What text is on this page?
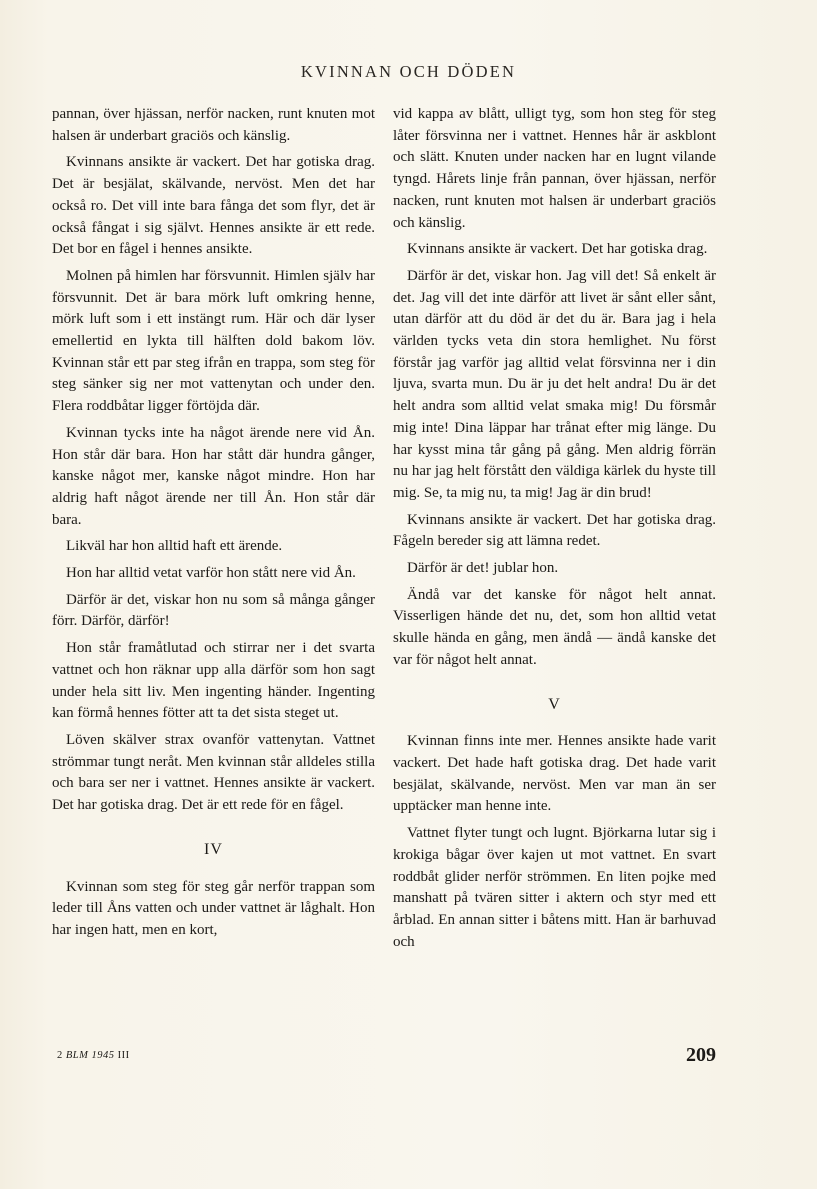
KVINNAN OCH DÖDEN

pannan, över hjässan, nerför nacken, runt knuten mot halsen är underbart graciös och känslig.

Kvinnans ansikte är vackert. Det har gotiska drag. Det är besjälat, skälvande, nervöst. Men det har också ro. Det vill inte bara fånga det som flyr, det är också fångat i sig självt. Hennes ansikte är ett rede. Det bor en fågel i hennes ansikte.

Molnen på himlen har försvunnit. Himlen själv har försvunnit. Det är bara mörk luft omkring henne, mörk luft som i ett instängt rum. Här och där lyser emellertid en lykta till hälften dold bakom löv. Kvinnan står ett par steg ifrån en trappa, som steg för steg sänker sig ner mot vattenytan och under den. Flera roddbåtar ligger förtöjda där.

Kvinnan tycks inte ha något ärende nere vid Ån. Hon står där bara. Hon har stått där hundra gånger, kanske något mer, kanske något mindre. Hon har aldrig haft något ärende ner till Ån. Hon står där bara.

Likväl har hon alltid haft ett ärende.

Hon har alltid vetat varför hon stått nere vid Ån.

Därför är det, viskar hon nu som så många gånger förr. Därför, därför!

Hon står framåtlutad och stirrar ner i det svarta vattnet och hon räknar upp alla därför som hon sagt under hela sitt liv. Men ingenting händer. Ingenting kan förmå hennes fötter att ta det sista steget ut.

Löven skälver strax ovanför vattenytan. Vattnet strömmar tungt neråt. Men kvinnan står alldeles stilla och bara ser ner i vattnet. Hennes ansikte är vackert. Det har gotiska drag. Det är ett rede för en fågel.

IV

Kvinnan som steg för steg går nerför trappan som leder till Åns vatten och under vattnet är låghalt. Hon har ingen hatt, men en kort,

vid kappa av blått, ulligt tyg, som hon steg för steg låter försvinna ner i vattnet. Hennes hår är askblont och slätt. Knuten under nacken har en lugnt vilande tyngd. Hårets linje från pannan, över hjässan, nerför nacken, runt knuten mot halsen är underbart graciös och känslig.

Kvinnans ansikte är vackert. Det har gotiska drag.

Därför är det, viskar hon. Jag vill det! Så enkelt är det. Jag vill det inte därför att livet är sånt eller sånt, utan därför att du död är det du är. Bara jag i hela världen tycks veta din stora hemlighet. Nu först förstår jag varför jag alltid velat försvinna ner i din ljuva, svarta mun. Du är ju det helt andra! Du är det helt andra som alltid velat smaka mig! Du försmår mig inte! Dina läppar har trånat efter mig länge. Du har kysst mina tår gång på gång. Men aldrig förrän nu har jag helt förstått den väldiga kärlek du hyste till mig. Se, ta mig nu, ta mig! Jag är din brud!

Kvinnans ansikte är vackert. Det har gotiska drag. Fågeln bereder sig att lämna redet.

Därför är det! jublar hon.

Ändå var det kanske för något helt annat. Visserligen hände det nu, det, som hon alltid vetat skulle hända en gång, men ändå — ändå kanske det var för något helt annat.

V

Kvinnan finns inte mer. Hennes ansikte hade varit vackert. Det hade haft gotiska drag. Det hade varit besjälat, skälvande, nervöst. Men var man än ser upptäcker man henne inte.

Vattnet flyter tungt och lugnt. Björkarna lutar sig i krokiga bågar över kajen ut mot vattnet. En svart roddbåt glider nerför strömmen. En liten pojke med manshatt på tvären sitter i aktern och styr med ett årblad. En annan sitter i båtens mitt. Han är barhuvad och

2 BLM 1945 III	209
